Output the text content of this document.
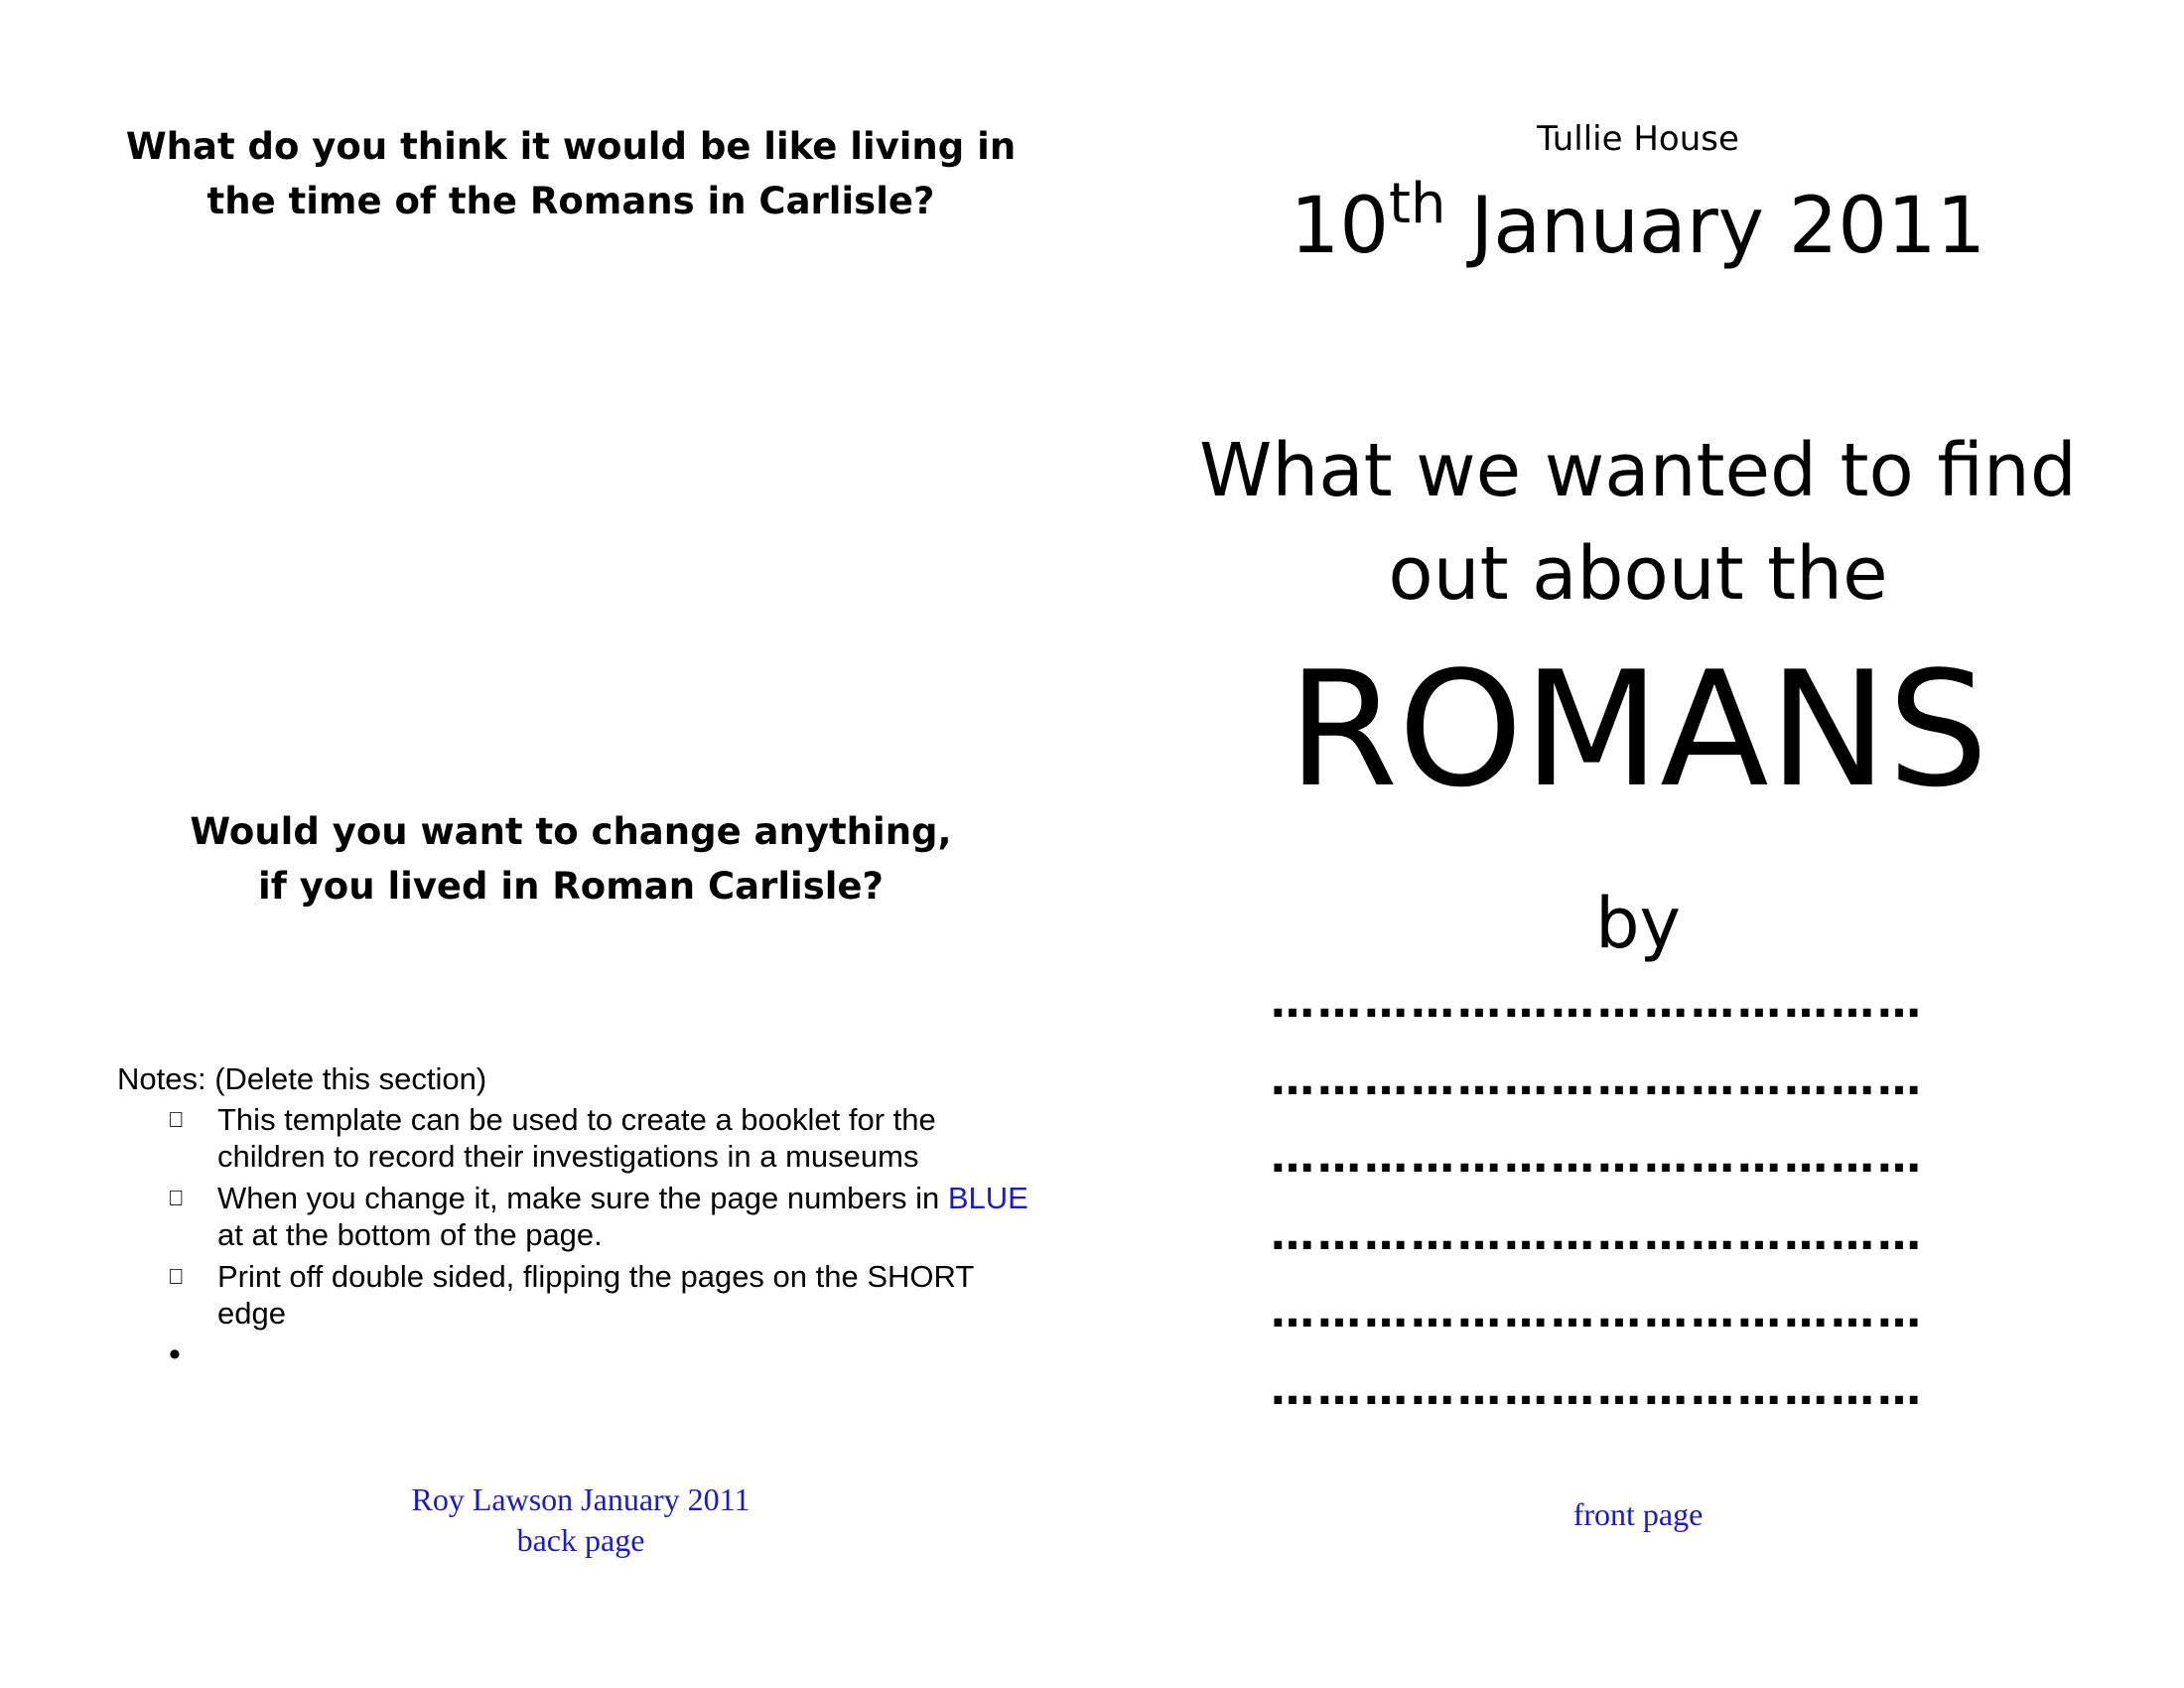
What do you think it would be like living in the time of the Romans in Carlisle?
Would you want to change anything,
if you lived in Roman Carlisle?
Notes: (Delete this section)
This template can be used to create a booklet for the children to record their investigations in a museums
When you change it, make sure the page numbers in BLUE at at the bottom of the page.
Print off double sided, flipping the pages on the SHORT edge
•

Roy Lawson January 2011
back page
Tullie House
10th January 2011
What we wanted to find
out about the
ROMANS
by
……………………………………
……………………………………
……………………………………
……………………………………
……………………………………
……………………………………
front page
